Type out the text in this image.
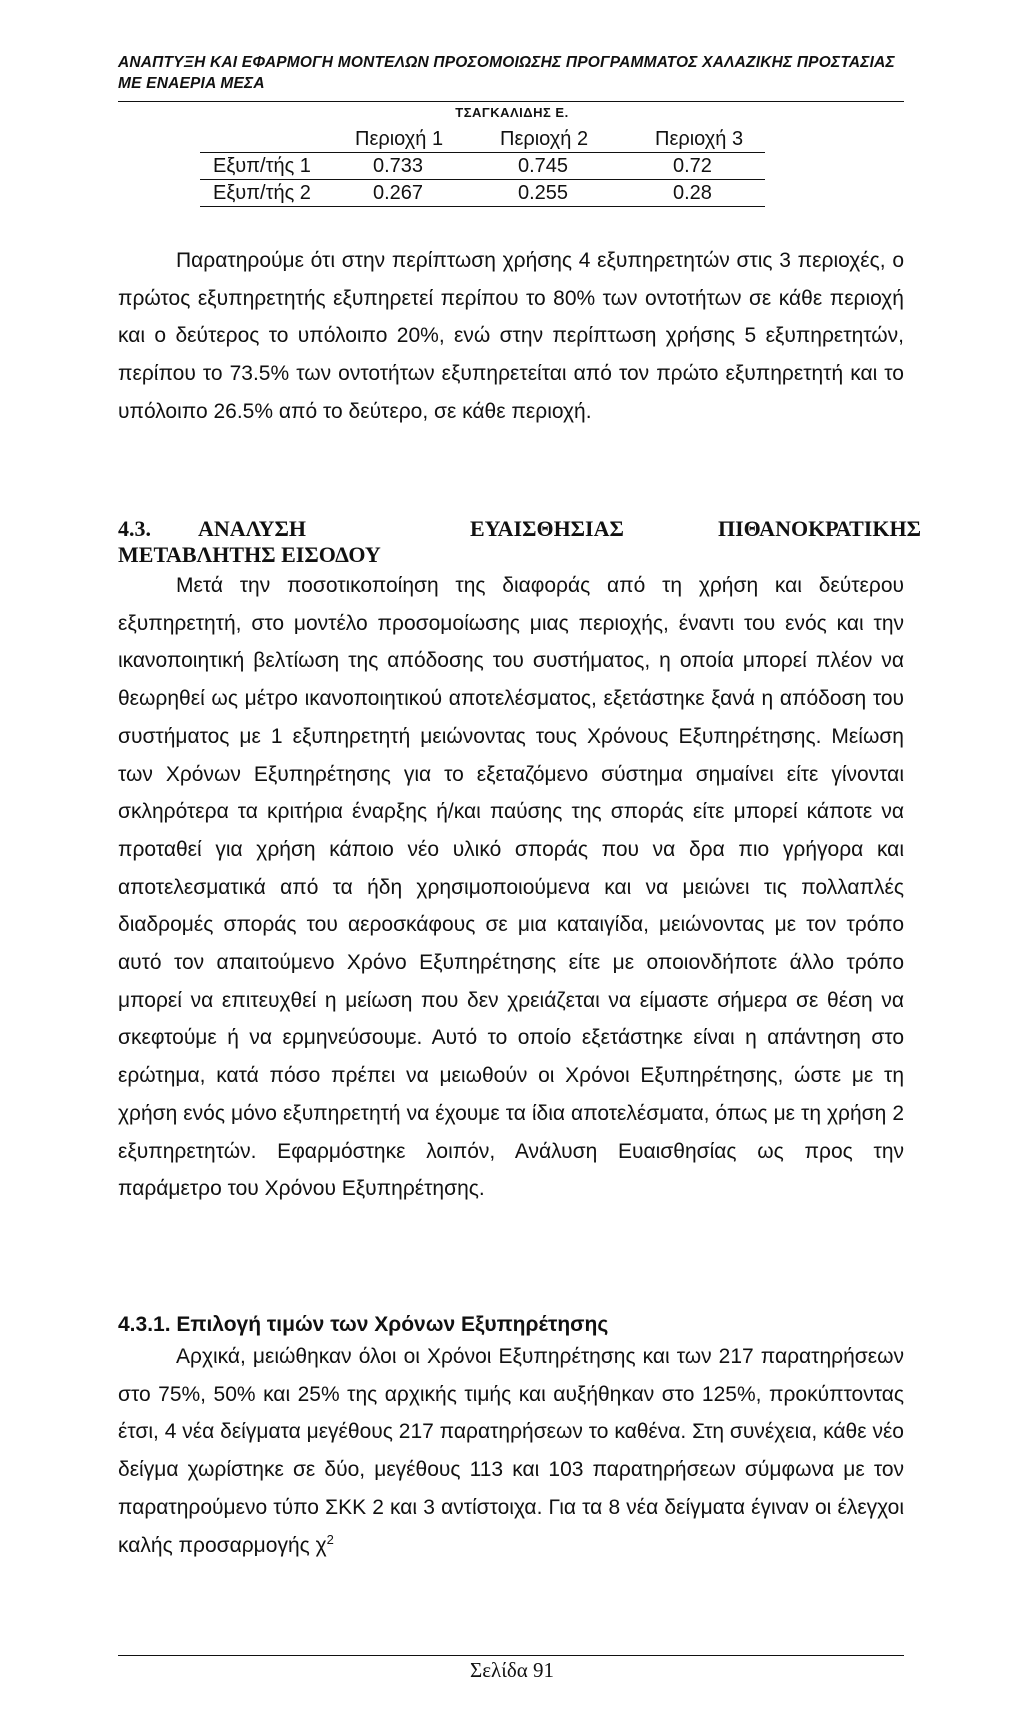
ΑΝΑΠΤΥΞΗ ΚΑΙ ΕΦΑΡΜΟΓΗ ΜΟΝΤΕΛΩΝ ΠΡΟΣΟΜΟΙΩΣΗΣ ΠΡΟΓΡΑΜΜΑΤΟΣ ΧΑΛΑΖΙΚΗΣ ΠΡΟΣΤΑΣΙΑΣ ΜΕ ΕΝΑΕΡΙΑ ΜΕΣΑ
ΤΣΑΓΚΑΛΙΔΗΣ Ε.
	Περιοχή 1	Περιοχή 2	Περιοχή 3
Εξυπ/τής 1	0.733	0.745	0.72
Εξυπ/τής 2	0.267	0.255	0.28

Παρατηρούμε ότι στην περίπτωση χρήσης 4 εξυπηρετητών στις 3 περιοχές, ο πρώτος εξυπηρετητής εξυπηρετεί περίπου το 80% των οντοτήτων σε κάθε περιοχή και ο δεύτερος το υπόλοιπο 20%, ενώ στην περίπτωση χρήσης 5 εξυπηρετητών, περίπου το 73.5% των οντοτήτων εξυπηρετείται από τον πρώτο εξυπηρετητή και το υπόλοιπο 26.5% από το δεύτερο, σε κάθε περιοχή.

4.3. ΑΝΑΛΥΣΗ	ΕΥΑΙΣΘΗΣΙΑΣ	ΠΙΘΑΝΟΚΡΑΤΙΚΗΣ
ΜΕΤΑΒΛΗΤΗΣ ΕΙΣΟΔΟΥ

Μετά την ποσοτικοποίηση της διαφοράς από τη χρήση και δεύτερου εξυπηρετητή, στο μοντέλο προσομοίωσης μιας περιοχής, έναντι του ενός και την ικανοποιητική βελτίωση της απόδοσης του συστήματος, η οποία μπορεί πλέον να θεωρηθεί ως μέτρο ικανοποιητικού αποτελέσματος, εξετάστηκε ξανά η απόδοση του συστήματος με 1 εξυπηρετητή μειώνοντας τους Χρόνους Εξυπηρέτησης. Μείωση των Χρόνων Εξυπηρέτησης για το εξεταζόμενο σύστημα σημαίνει είτε γίνονται σκληρότερα τα κριτήρια έναρξης ή/και παύσης της σποράς είτε μπορεί κάποτε να προταθεί για χρήση κάποιο νέο υλικό σποράς που να δρα πιο γρήγορα και αποτελεσματικά από τα ήδη χρησιμοποιούμενα και να μειώνει τις πολλαπλές διαδρομές σποράς του αεροσκάφους σε μια καταιγίδα, μειώνοντας με τον τρόπο αυτό τον απαιτούμενο Χρόνο Εξυπηρέτησης είτε με οποιονδήποτε άλλο τρόπο μπορεί να επιτευχθεί η μείωση που δεν χρειάζεται να είμαστε σήμερα σε θέση να σκεφτούμε ή να ερμηνεύσουμε. Αυτό το οποίο εξετάστηκε είναι η απάντηση στο ερώτημα, κατά πόσο πρέπει να μειωθούν οι Χρόνοι Εξυπηρέτησης, ώστε με τη χρήση ενός μόνο εξυπηρετητή να έχουμε τα ίδια αποτελέσματα, όπως με τη χρήση 2 εξυπηρετητών. Εφαρμόστηκε λοιπόν, Ανάλυση Ευαισθησίας ως προς την παράμετρο του Χρόνου Εξυπηρέτησης.

4.3.1. Επιλογή τιμών των Χρόνων Εξυπηρέτησης

Αρχικά, μειώθηκαν όλοι οι Χρόνοι Εξυπηρέτησης και των 217 παρατηρήσεων στο 75%, 50% και 25% της αρχικής τιμής και αυξήθηκαν στο 125%, προκύπτοντας έτσι, 4 νέα δείγματα μεγέθους 217 παρατηρήσεων το καθένα. Στη συνέχεια, κάθε νέο δείγμα χωρίστηκε σε δύο, μεγέθους 113 και 103 παρατηρήσεων σύμφωνα με τον παρατηρούμενο τύπο ΣΚΚ 2 και 3 αντίστοιχα. Για τα 8 νέα δείγματα έγιναν οι έλεγχοι καλής προσαρμογής $\chi^2$

Σελίδα 91
